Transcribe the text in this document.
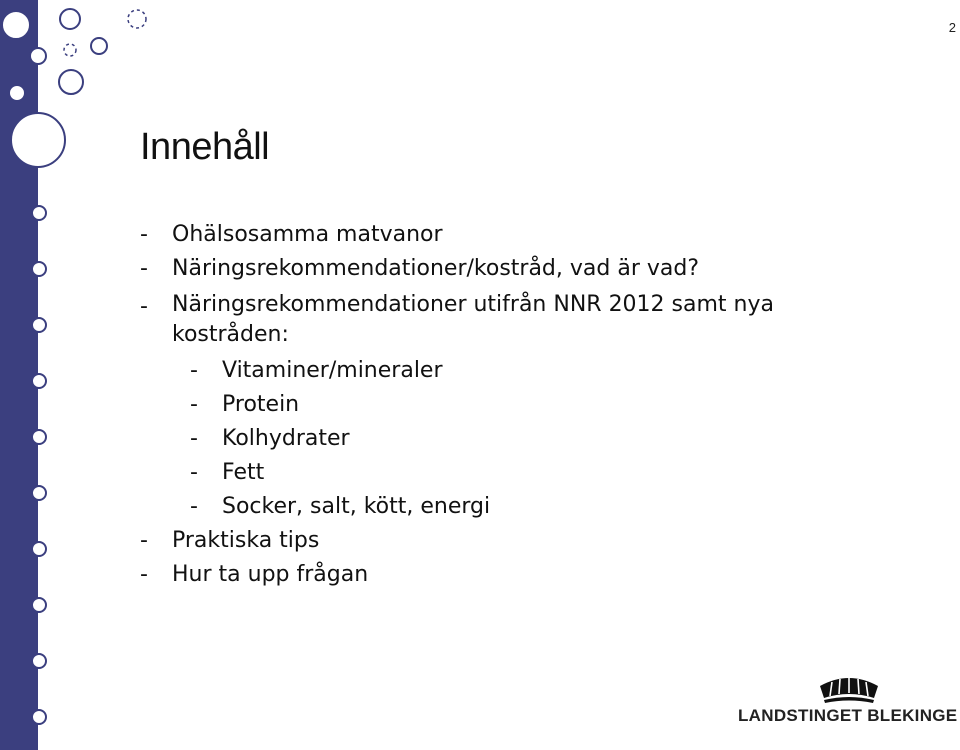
2
Innehåll
-	Ohälsosamma matvanor
-	Näringsrekommendationer/kostråd, vad är vad?
-	Näringsrekommendationer utifrån NNR 2012 samt nya kostråden:
-	Vitaminer/mineraler
-	Protein
-	Kolhydrater
-	Fett
-	Socker, salt, kött, energi
-	Praktiska tips
-	Hur ta upp frågan
LANDSTINGET BLEKINGE
